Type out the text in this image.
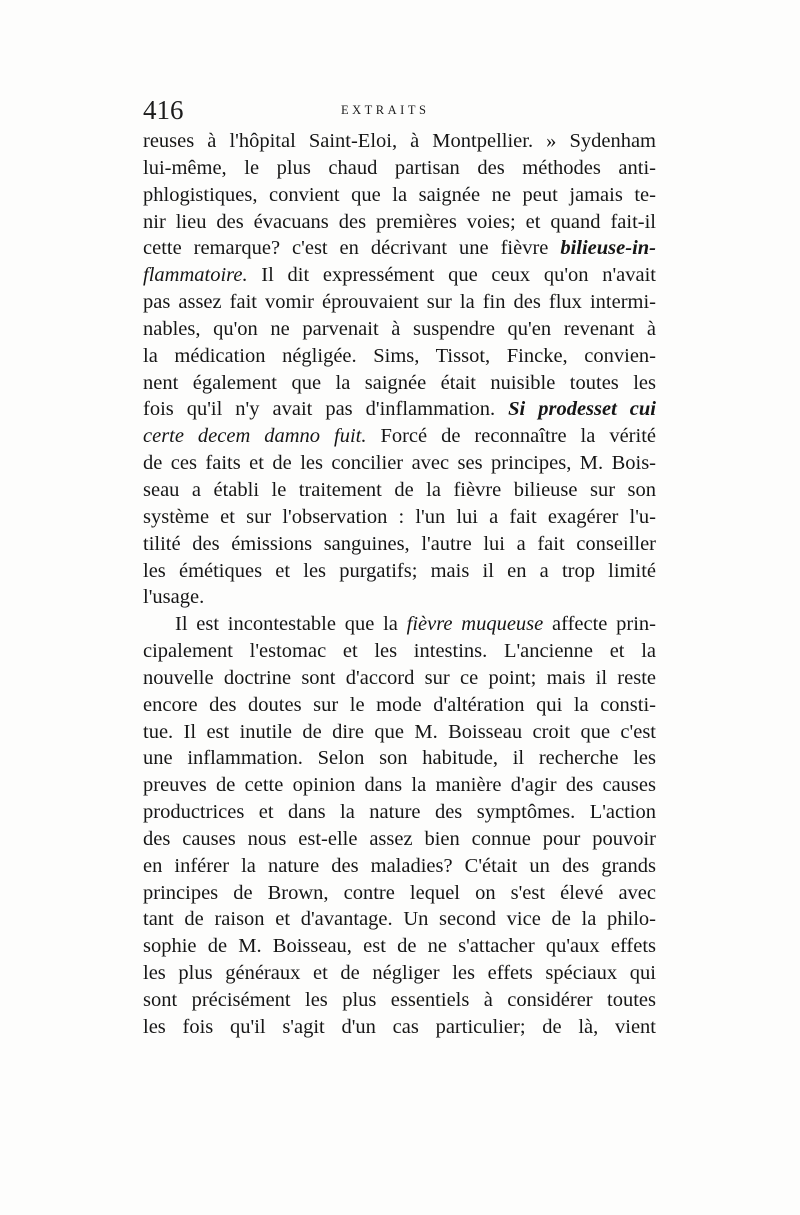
416	EXTRAITS
reuses à l'hôpital Saint-Eloi, à Montpellier. » Sydenham
lui-même, le plus chaud partisan des méthodes anti-
phlogistiques, convient que la saignée ne peut jamais te-
nir lieu des évacuans des premières voies; et quand fait-il
cette remarque? c'est en décrivant une fièvre bilieuse-in-
flammatoire. Il dit expressément que ceux qu'on n'avait
pas assez fait vomir éprouvaient sur la fin des flux intermi-
nables, qu'on ne parvenait à suspendre qu'en revenant à
la médication négligée. Sims, Tissot, Fincke, convien-
nent également que la saignée était nuisible toutes les
fois qu'il n'y avait pas d'inflammation. Si prodesset cui
certe decem damno fuit. Forcé de reconnaître la vérité
de ces faits et de les concilier avec ses principes, M. Bois-
seau a établi le traitement de la fièvre bilieuse sur son
système et sur l'observation : l'un lui a fait exagérer l'u-
tilité des émissions sanguines, l'autre lui a fait conseiller
les émétiques et les purgatifs; mais il en a trop limité
l'usage.
Il est incontestable que la fièvre muqueuse affecte prin-
cipalement l'estomac et les intestins. L'ancienne et la
nouvelle doctrine sont d'accord sur ce point; mais il reste
encore des doutes sur le mode d'altération qui la consti-
tue. Il est inutile de dire que M. Boisseau croit que c'est
une inflammation. Selon son habitude, il recherche les
preuves de cette opinion dans la manière d'agir des causes
productrices et dans la nature des symptômes. L'action
des causes nous est-elle assez bien connue pour pouvoir
en inférer la nature des maladies? C'était un des grands
principes de Brown, contre lequel on s'est élevé avec
tant de raison et d'avantage. Un second vice de la philo-
sophie de M. Boisseau, est de ne s'attacher qu'aux effets
les plus généraux et de négliger les effets spéciaux qui
sont précisément les plus essentiels à considérer toutes
les fois qu'il s'agit d'un cas particulier; de là, vient
